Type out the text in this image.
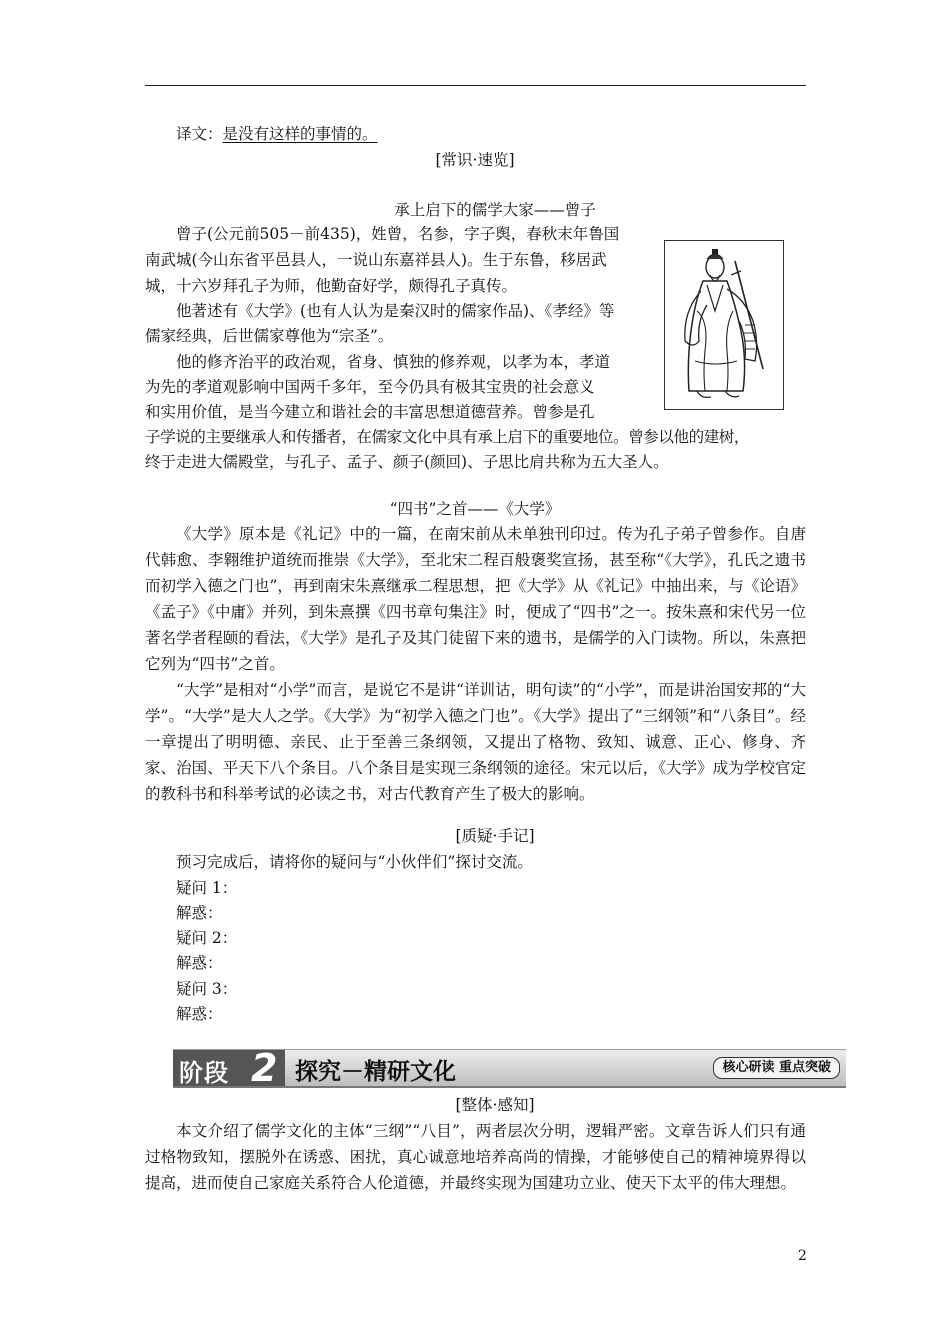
译文：是没有这样的事情的。
[常识·速览]
承上启下的儒学大家——曾子
曾子(公元前505－前435)，姓曾，名参，字子舆，春秋末年鲁国
南武城(今山东省平邑县人，一说山东嘉祥县人)。生于东鲁，移居武
城，十六岁拜孔子为师，他勤奋好学，颇得孔子真传。
他著述有《大学》(也有人认为是秦汉时的儒家作品)、《孝经》等
儒家经典，后世儒家尊他为“宗圣”。
他的修齐治平的政治观，省身、慎独的修养观，以孝为本，孝道
为先的孝道观影响中国两千多年，至今仍具有极其宝贵的社会意义
和实用价值，是当今建立和谐社会的丰富思想道德营养。曾参是孔
子学说的主要继承人和传播者，在儒家文化中具有承上启下的重要地位。曾参以他的建树，
终于走进大儒殿堂，与孔子、孟子、颜子(颜回)、子思比肩共称为五大圣人。
“四书”之首——《大学》

《大学》原本是《礼记》中的一篇，在南宋前从未单独刊印过。传为孔子弟子曾参作。自唐代韩愈、李翱维护道统而推崇《大学》，至北宋二程百般褒奖宣扬，甚至称“《大学》，孔氏之遗书而初学入德之门也”，再到南宋朱熹继承二程思想，把《大学》从《礼记》中抽出来，与《论语》《孟子》《中庸》并列，到朱熹撰《四书章句集注》时，便成了“四书”之一。按朱熹和宋代另一位著名学者程颐的看法，《大学》是孔子及其门徒留下来的遗书，是儒学的入门读物。所以，朱熹把它列为“四书”之首。

“大学”是相对“小学”而言，是说它不是讲“详训诂，明句读”的“小学”，而是讲治国安邦的“大学”。“大学”是大人之学。《大学》为“初学入德之门也”。《大学》提出了“三纲领”和“八条目”。经一章提出了明明德、亲民、止于至善三条纲领，又提出了格物、致知、诚意、正心、修身、齐家、治国、平天下八个条目。八个条目是实现三条纲领的途径。宋元以后，《大学》成为学校官定的教科书和科举考试的必读之书，对古代教育产生了极大的影响。

[质疑·手记]
预习完成后，请将你的疑问与“小伙伴们”探讨交流。
疑问 1：
解惑：
疑问 2：
解惑：
疑问 3：
解惑：
阶段 2 探究－精研文化	核心研读 重点突破
[整体·感知]

本文介绍了儒学文化的主体“三纲”“八目”，两者层次分明，逻辑严密。文章告诉人们只有通过格物致知，摆脱外在诱惑、困扰，真心诚意地培养高尚的情操，才能够使自己的精神境界得以提高，进而使自己家庭关系符合人伦道德，并最终实现为国建功立业、使天下太平的伟大理想。

2
